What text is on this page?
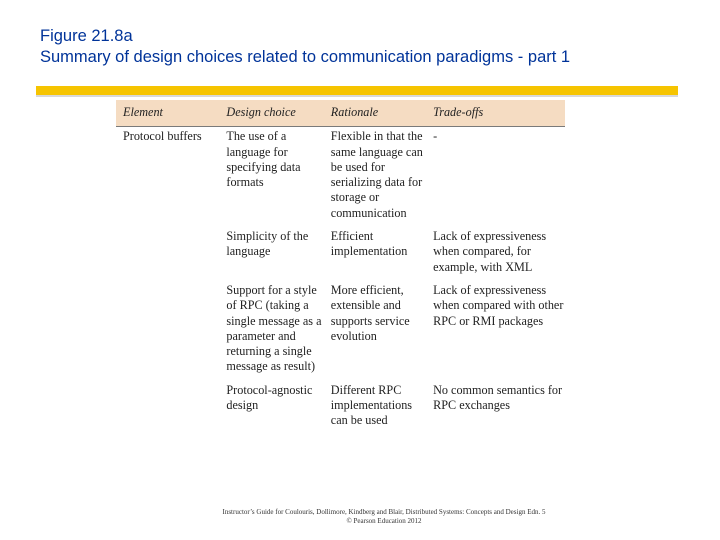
Figure 21.8a
Summary of design choices related to communication paradigms - part 1
Element	Design choice	Rationale	Trade-offs
Protocol buffers	The use of a language for specifying data formats	Flexible in that the same language can be used for serializing data for storage or communication	-
	Simplicity of the language	Efficient implementation	Lack of expressiveness when compared, for example, with XML
	Support for a style of RPC (taking a single message as a parameter and returning a single message as result)	More efficient, extensible and supports service evolution	Lack of expressiveness when compared with other RPC or RMI packages
	Protocol-agnostic design	Different RPC implementations can be used	No common semantics for RPC exchanges
Instructor’s Guide for Coulouris, Dollimore, Kindberg and Blair, Distributed Systems: Concepts and Design Edn. 5
© Pearson Education 2012
